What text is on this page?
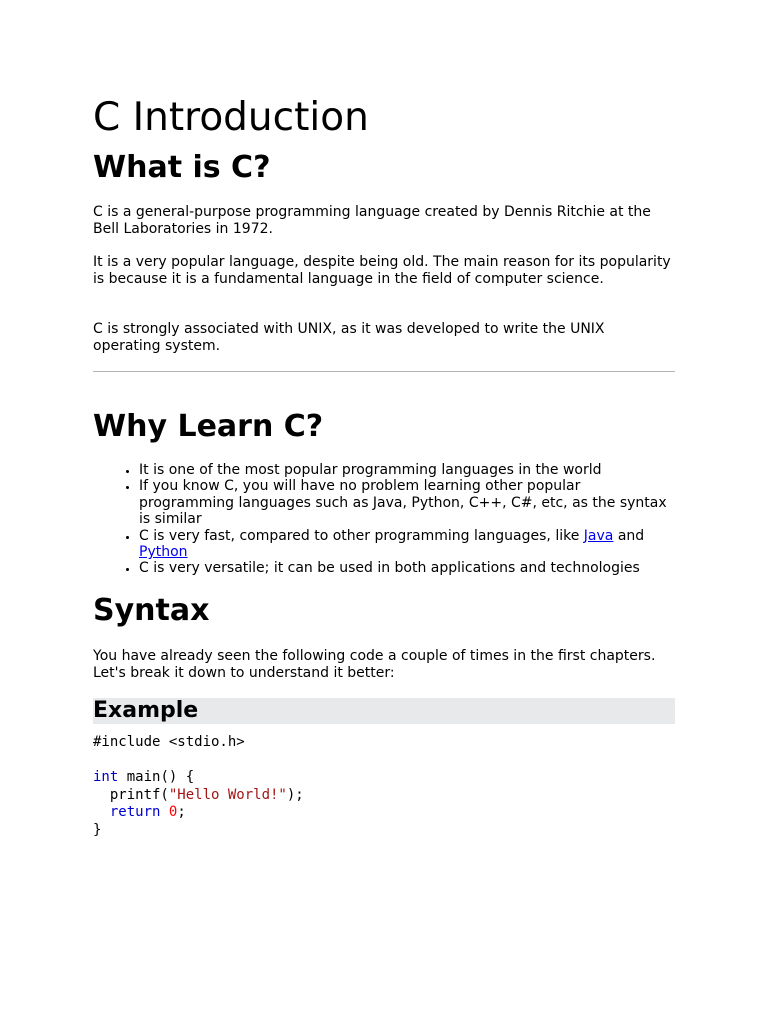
C Introduction
What is C?

C is a general-purpose programming language created by Dennis Ritchie at the Bell Laboratories in 1972.

It is a very popular language, despite being old. The main reason for its popularity is because it is a fundamental language in the field of computer science.

C is strongly associated with UNIX, as it was developed to write the UNIX operating system.

Why Learn C?
• It is one of the most popular programming languages in the world
• If you know C, you will have no problem learning other popular programming languages such as Java, Python, C++, C#, etc, as the syntax is similar
• C is very fast, compared to other programming languages, like Java and Python
• C is very versatile; it can be used in both applications and technologies
Syntax

You have already seen the following code a couple of times in the first chapters. Let's break it down to understand it better:

Example
#include <stdio.h>

int main() {
printf("Hello World!");
return 0;
}
